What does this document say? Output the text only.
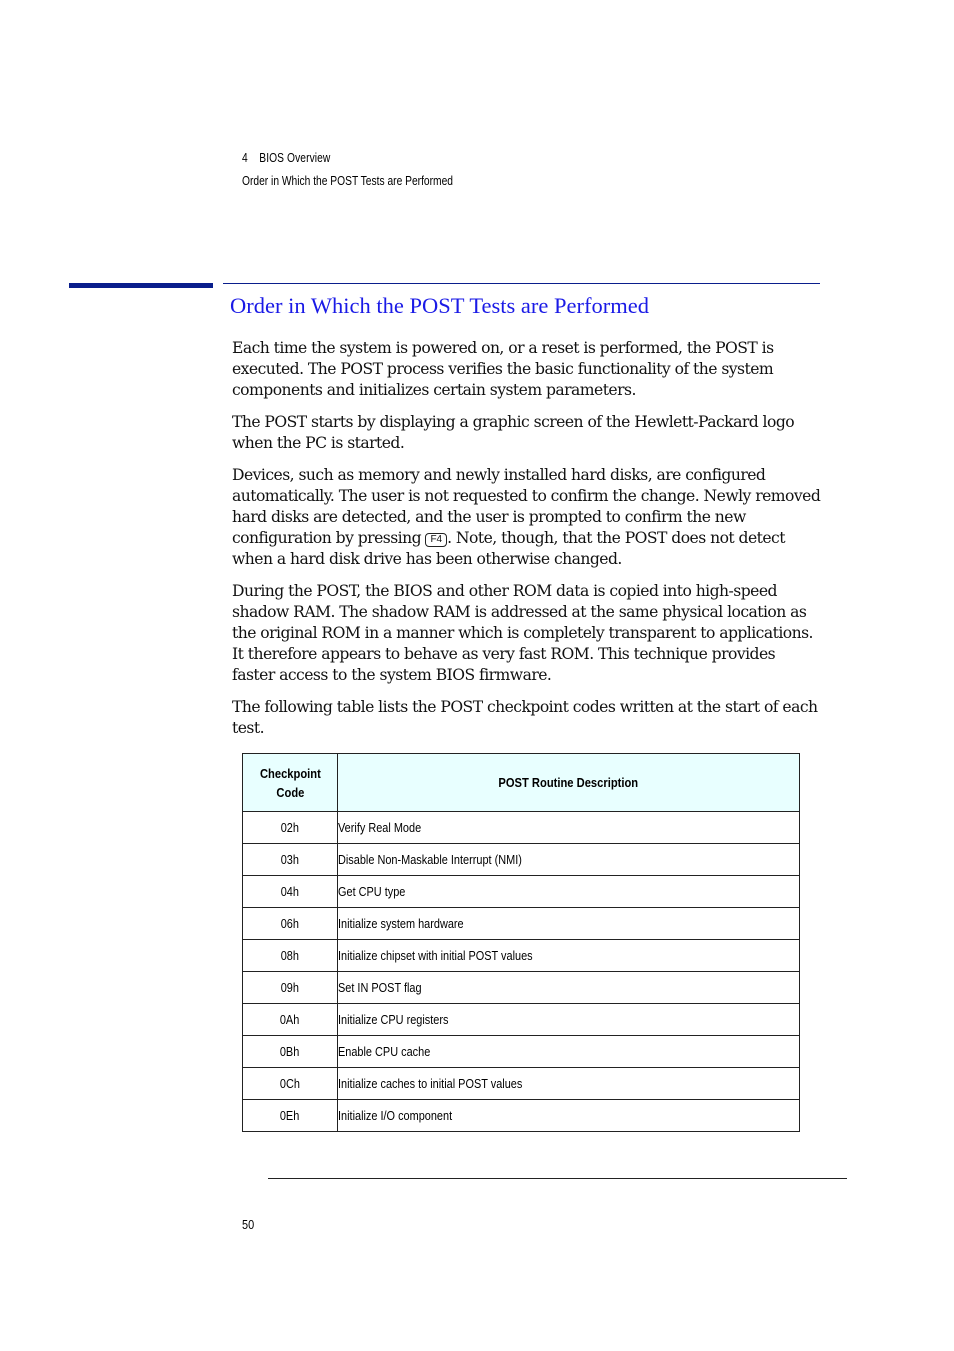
4 BIOS Overview
Order in Which the POST Tests are Performed
Order in Which the POST Tests are Performed

Each time the system is powered on, or a reset is performed, the POST is executed. The POST process verifies the basic functionality of the system components and initializes certain system parameters.

The POST starts by displaying a graphic screen of the Hewlett-Packard logo when the PC is started.

Devices, such as memory and newly installed hard disks, are configured automatically. The user is not requested to confirm the change. Newly removed hard disks are detected, and the user is prompted to confirm the new configuration by pressing F4 . Note, though, that the POST does not detect when a hard disk drive has been otherwise changed.

During the POST, the BIOS and other ROM data is copied into high-speed shadow RAM. The shadow RAM is addressed at the same physical location as the original ROM in a manner which is completely transparent to applications. It therefore appears to behave as very fast ROM. This technique provides faster access to the system BIOS firmware.

The following table lists the POST checkpoint codes written at the start of each test.

Checkpoint
Code	POST Routine Description
02h	Verify Real Mode
03h	Disable Non-Maskable Interrupt (NMI)
04h	Get CPU type
06h	Initialize system hardware
08h	Initialize chipset with initial POST values
09h	Set IN POST flag
0Ah	Initialize CPU registers
0Bh	Enable CPU cache
0Ch	Initialize caches to initial POST values
0Eh	Initialize I/O component
50
